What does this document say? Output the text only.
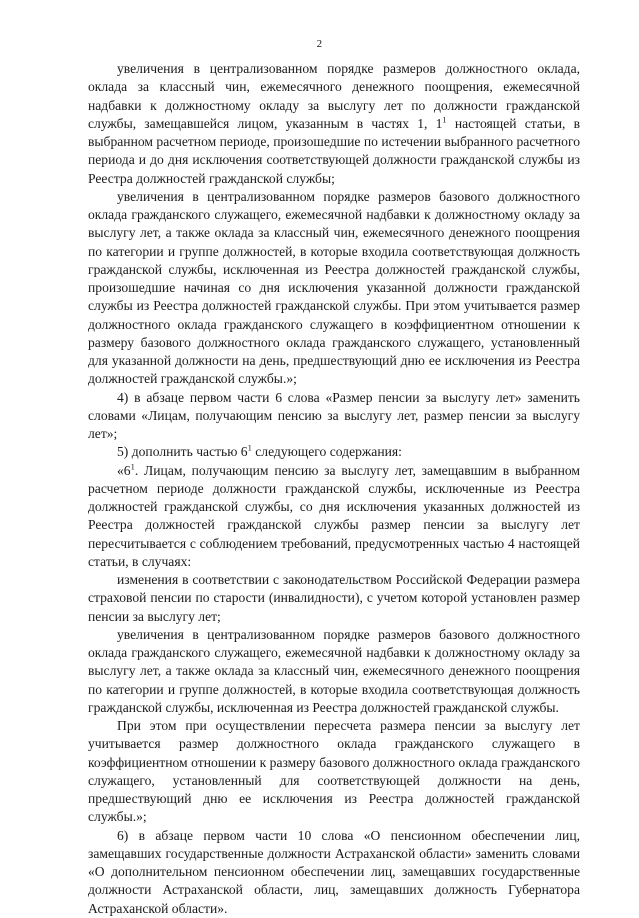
2

увеличения в централизованном порядке размеров должностного оклада, оклада за классный чин, ежемесячного денежного поощрения, ежемесячной надбавки к должностному окладу за выслугу лет по должности гражданской службы, замещавшейся лицом, указанным в частях 1, $1^1$ настоящей статьи, в выбранном расчетном периоде, произошедшие по истечении выбранного расчетного периода и до дня исключения соответствующей должности гражданской службы из Реестра должностей гражданской службы;

увеличения в централизованном порядке размеров базового должностного оклада гражданского служащего, ежемесячной надбавки к должностному окладу за выслугу лет, а также оклада за классный чин, ежемесячного денежного поощрения по категории и группе должностей, в которые входила соответствующая должность гражданской службы, исключенная из Реестра должностей гражданской службы, произошедшие начиная со дня исключения указанной должности гражданской службы из Реестра должностей гражданской службы. При этом учитывается размер должностного оклада гражданского служащего в коэффициентном отношении к размеру базового должностного оклада гражданского служащего, установленный для указанной должности на день, предшествующий дню ее исключения из Реестра должностей гражданской службы.»;

4) в абзаце первом части 6 слова «Размер пенсии за выслугу лет» заменить словами «Лицам, получающим пенсию за выслугу лет, размер пенсии за выслугу лет»;

5) дополнить частью $6^1$ следующего содержания:

«$6^1$. Лицам, получающим пенсию за выслугу лет, замещавшим в выбранном расчетном периоде должности гражданской службы, исключенные из Реестра должностей гражданской службы, со дня исключения указанных должностей из Реестра должностей гражданской службы размер пенсии за выслугу лет пересчитывается с соблюдением требований, предусмотренных частью 4 настоящей статьи, в случаях:

изменения в соответствии с законодательством Российской Федерации размера страховой пенсии по старости (инвалидности), с учетом которой установлен размер пенсии за выслугу лет;

увеличения в централизованном порядке размеров базового должностного оклада гражданского служащего, ежемесячной надбавки к должностному окладу за выслугу лет, а также оклада за классный чин, ежемесячного денежного поощрения по категории и группе должностей, в которые входила соответствующая должность гражданской службы, исключенная из Реестра должностей гражданской службы.

При этом при осуществлении пересчета размера пенсии за выслугу лет учитывается размер должностного оклада гражданского служащего в коэффициентном отношении к размеру базового должностного оклада гражданского служащего, установленный для соответствующей должности на день, предшествующий дню ее исключения из Реестра должностей гражданской службы.»;

6) в абзаце первом части 10 слова «О пенсионном обеспечении лиц, замещавших государственные должности Астраханской области» заменить словами «О дополнительном пенсионном обеспечении лиц, замещавших государственные должности Астраханской области, лиц, замещавших должность Губернатора Астраханской области».
